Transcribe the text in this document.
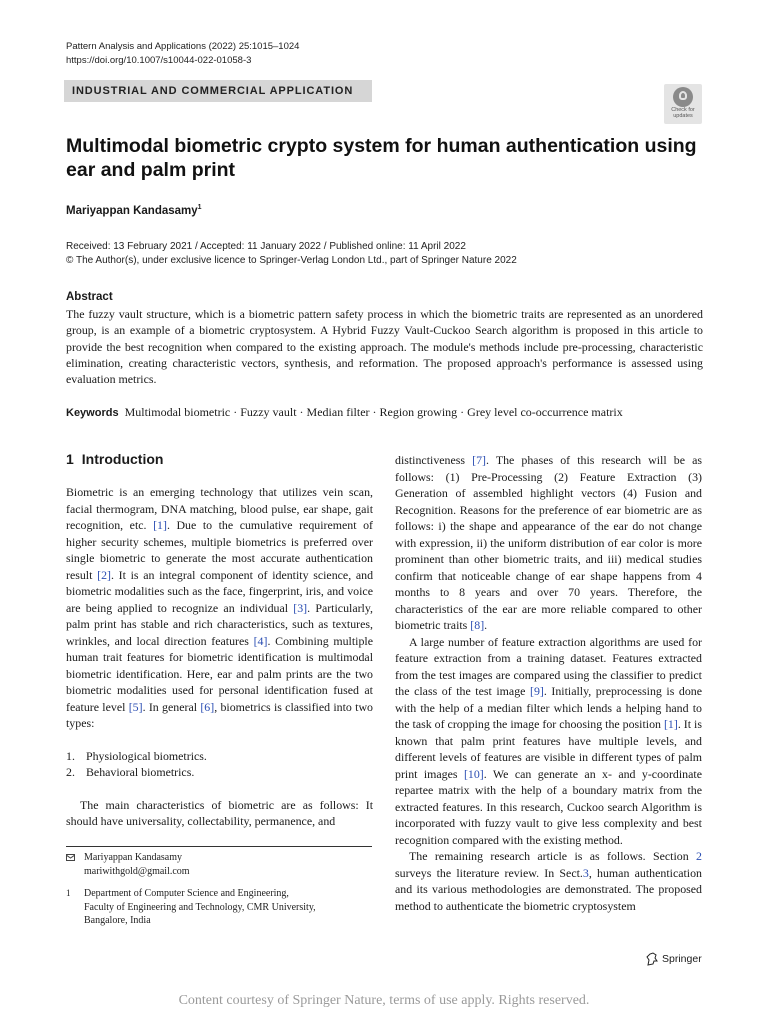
Pattern Analysis and Applications (2022) 25:1015–1024
https://doi.org/10.1007/s10044-022-01058-3
INDUSTRIAL AND COMMERCIAL APPLICATION
Check for
updates
Multimodal biometric crypto system for human authentication using ear and palm print
Mariyappan Kandasamy$^1$
Received: 13 February 2021 / Accepted: 11 January 2022 / Published online: 11 April 2022
© The Author(s), under exclusive licence to Springer-Verlag London Ltd., part of Springer Nature 2022
Abstract
The fuzzy vault structure, which is a biometric pattern safety process in which the biometric traits are represented as an unordered group, is an example of a biometric cryptosystem. A Hybrid Fuzzy Vault-Cuckoo Search algorithm is proposed in this article to provide the best recognition when compared to the existing approach. The module's methods include pre-processing, characteristic elimination, creating characteristic vectors, synthesis, and reformation. The proposed approach's performance is assessed using evaluation metrics.
Keywords Multimodal biometric · Fuzzy vault · Median filter · Region growing · Grey level co-occurrence matrix
1 Introduction

Biometric is an emerging technology that utilizes vein scan, facial thermogram, DNA matching, blood pulse, ear shape, gait recognition, etc. [1]. Due to the cumulative requirement of higher security schemes, multiple biometrics is preferred over single biometric to generate the most accurate authentication result [2]. It is an integral component of identity science, and biometric modalities such as the face, fingerprint, iris, and voice are being applied to recognize an individual [3]. Particularly, palm print has stable and rich characteristics, such as textures, wrinkles, and local direction features [4]. Combining multiple human trait features for biometric identification is multimodal biometric identification. Here, ear and palm prints are the two biometric modalities used for personal identification fused at feature level [5]. In general [6], biometrics is classified into two types:

1. Physiological biometrics.
2. Behavioral biometrics.

The main characteristics of biometric are as follows: It should have universality, collectability, permanence, and

Mariyappan Kandasamy
mariwithgold@gmail.com
1 Department of Computer Science and Engineering,
Faculty of Engineering and Technology, CMR University,
Bangalore, India

distinctiveness [7]. The phases of this research will be as follows: (1) Pre-Processing (2) Feature Extraction (3) Generation of assembled highlight vectors (4) Fusion and Recognition. Reasons for the preference of ear biometric are as follows: i) the shape and appearance of the ear do not change with expression, ii) the uniform distribution of ear color is more prominent than other biometric traits, and iii) medical studies confirm that noticeable change of ear shape happens from 4 months to 8 years and over 70 years. Therefore, the characteristics of the ear are more reliable compared to other biometric traits [8].

A large number of feature extraction algorithms are used for feature extraction from a training dataset. Features extracted from the test images are compared using the classifier to predict the class of the test image [9]. Initially, preprocessing is done with the help of a median filter which lends a helping hand to the task of cropping the image for choosing the position [1]. It is known that palm print features have multiple levels, and different levels of features are visible in different types of palm print images [10]. We can generate an x- and y-coordinate repartee matrix with the help of a boundary matrix from the extracted features. In this research, Cuckoo search Algorithm is incorporated with fuzzy vault to give less complexity and best recognition compared with the existing method.

The remaining research article is as follows. Section 2 surveys the literature review. In Sect.3, human authentication and its various methodologies are demonstrated. The proposed method to authenticate the biometric cryptosystem

Springer
Content courtesy of Springer Nature, terms of use apply. Rights reserved.
